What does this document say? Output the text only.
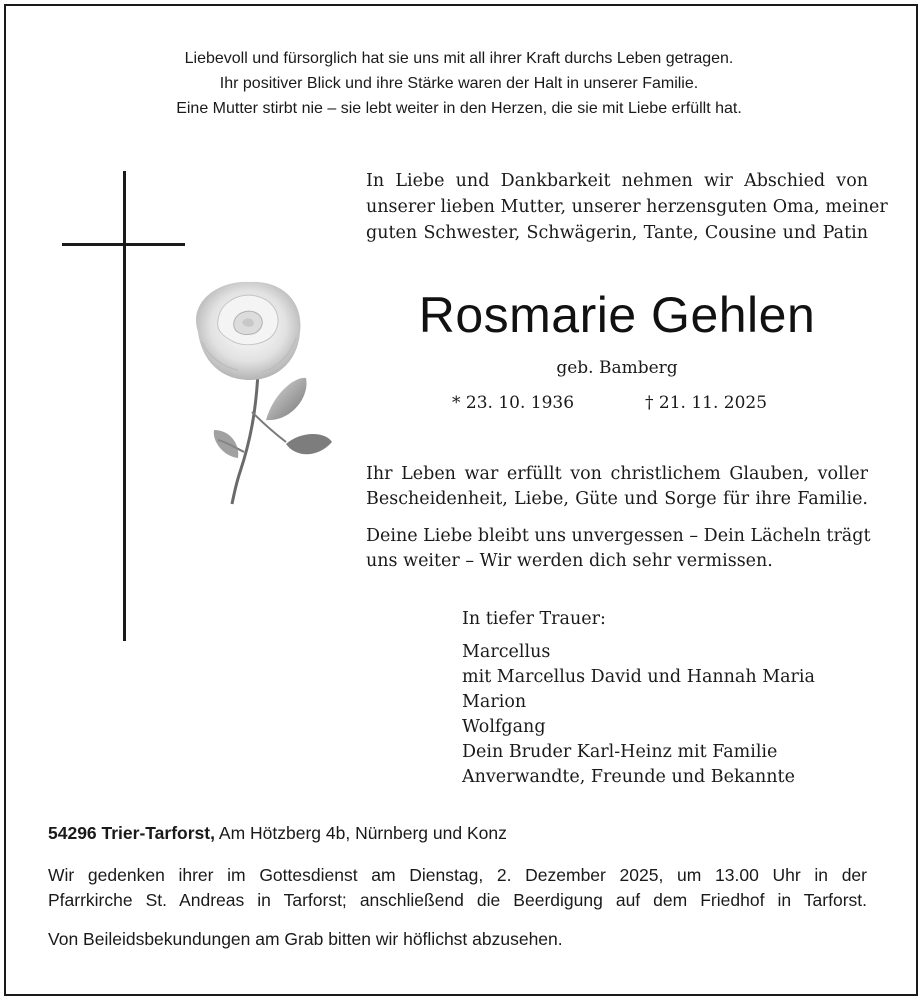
Liebevoll und fürsorglich hat sie uns mit all ihrer Kraft durchs Leben getragen.
Ihr positiver Blick und ihre Stärke waren der Halt in unserer Familie.
Eine Mutter stirbt nie – sie lebt weiter in den Herzen, die sie mit Liebe erfüllt hat.
In Liebe und Dankbarkeit nehmen wir Abschied von
unserer lieben Mutter, unserer herzensguten Oma, meiner
guten Schwester, Schwägerin, Tante, Cousine und Patin
Rosmarie Gehlen
geb. Bamberg
* 23. 10. 1936	† 21. 11. 2025
Ihr Leben war erfüllt von christlichem Glauben, voller
Bescheidenheit, Liebe, Güte und Sorge für ihre Familie.
Deine Liebe bleibt uns unvergessen – Dein Lächeln trägt
uns weiter – Wir werden dich sehr vermissen.
In tiefer Trauer:
Marcellus
mit Marcellus David und Hannah Maria
Marion
Wolfgang
Dein Bruder Karl-Heinz mit Familie
Anverwandte, Freunde und Bekannte
54296 Trier-Tarforst, Am Hötzberg 4b, Nürnberg und Konz
Wir gedenken ihrer im Gottesdienst am Dienstag, 2. Dezember 2025, um 13.00 Uhr in der
Pfarrkirche St. Andreas in Tarforst; anschließend die Beerdigung auf dem Friedhof in Tarforst.
Von Beileidsbekundungen am Grab bitten wir höflichst abzusehen.
